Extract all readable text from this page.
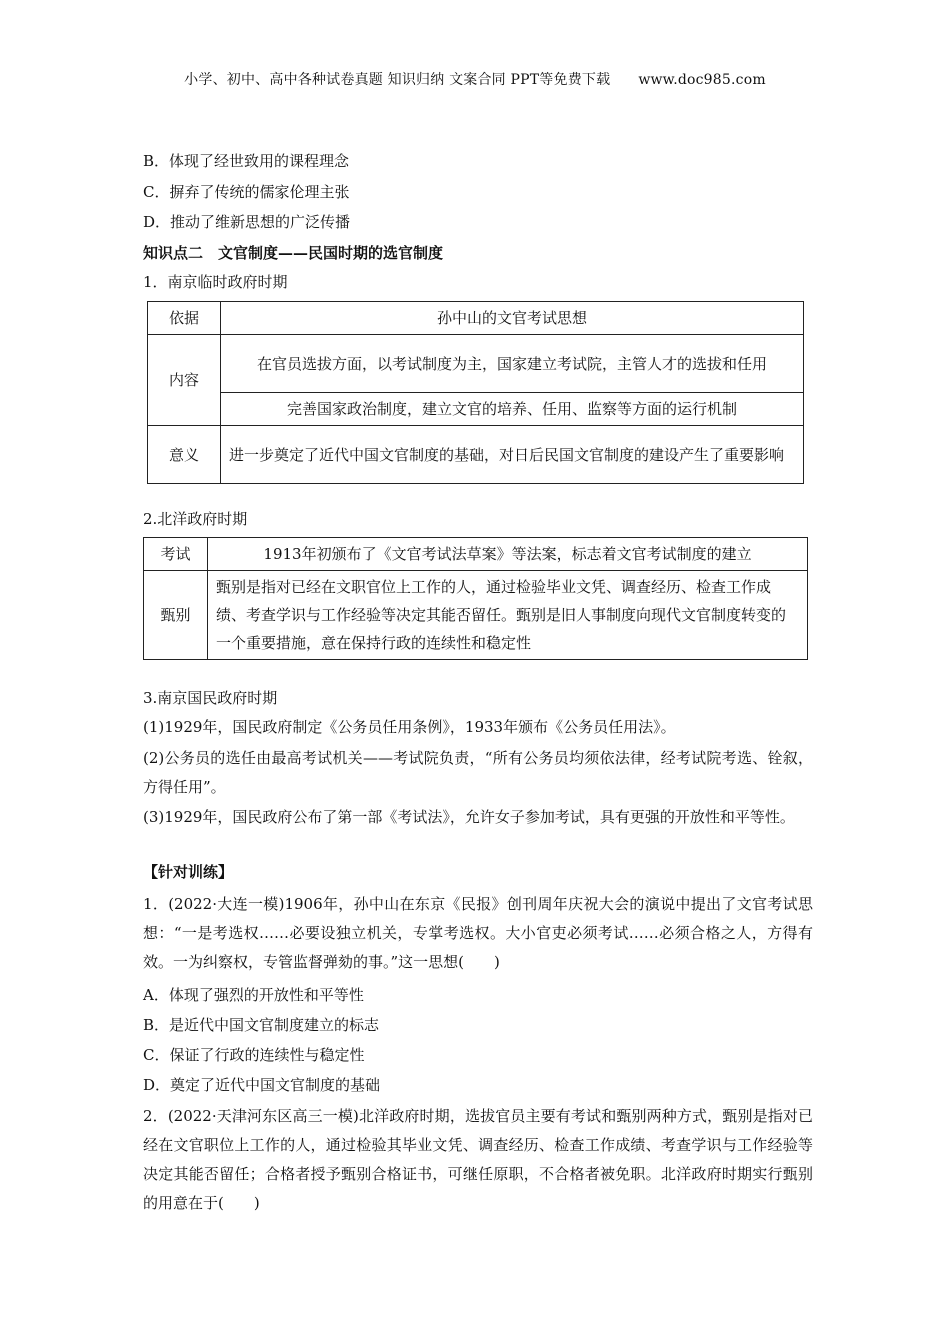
小学、初中、高中各种试卷真题 知识归纳 文案合同 PPT等免费下载 www.doc985.com
B．体现了经世致用的课程理念
C．摒弃了传统的儒家伦理主张
D．推动了维新思想的广泛传播
知识点二　文官制度——民国时期的选官制度
1．南京临时政府时期
依据	孙中山的文官考试思想
内容	在官员选拔方面，以考试制度为主，国家建立考试院，主管人才的选拔和任用
	完善国家政治制度，建立文官的培养、任用、监察等方面的运行机制
意义	进一步奠定了近代中国文官制度的基础，对日后民国文官制度的建设产生了重要影响
2.北洋政府时期
考试	1913年初颁布了《文官考试法草案》等法案，标志着文官考试制度的建立
甄别	甄别是指对已经在文职官位上工作的人，通过检验毕业文凭、调查经历、检查工作成绩、考查学识与工作经验等决定其能否留任。甄别是旧人事制度向现代文官制度转变的一个重要措施，意在保持行政的连续性和稳定性
3.南京国民政府时期
(1)1929年，国民政府制定《公务员任用条例》，1933年颁布《公务员任用法》。
(2)公务员的选任由最高考试机关——考试院负责，“所有公务员均须依法律，经考试院考选、铨叙，方得任用”。
(3)1929年，国民政府公布了第一部《考试法》，允许女子参加考试，具有更强的开放性和平等性。
【针对训练】
1．(2022·大连一模)1906年，孙中山在东京《民报》创刊周年庆祝大会的演说中提出了文官考试思想：“一是考选权……必要设独立机关，专掌考选权。大小官吏必须考试……必须合格之人，方得有效。一为纠察权，专管监督弹劾的事。”这一思想(　　)
A．体现了强烈的开放性和平等性
B．是近代中国文官制度建立的标志
C．保证了行政的连续性与稳定性
D．奠定了近代中国文官制度的基础
2．(2022·天津河东区高三一模)北洋政府时期，选拔官员主要有考试和甄别两种方式，甄别是指对已经在文官职位上工作的人，通过检验其毕业文凭、调查经历、检查工作成绩、考查学识与工作经验等决定其能否留任；合格者授予甄别合格证书，可继任原职，不合格者被免职。北洋政府时期实行甄别的用意在于(　　)
